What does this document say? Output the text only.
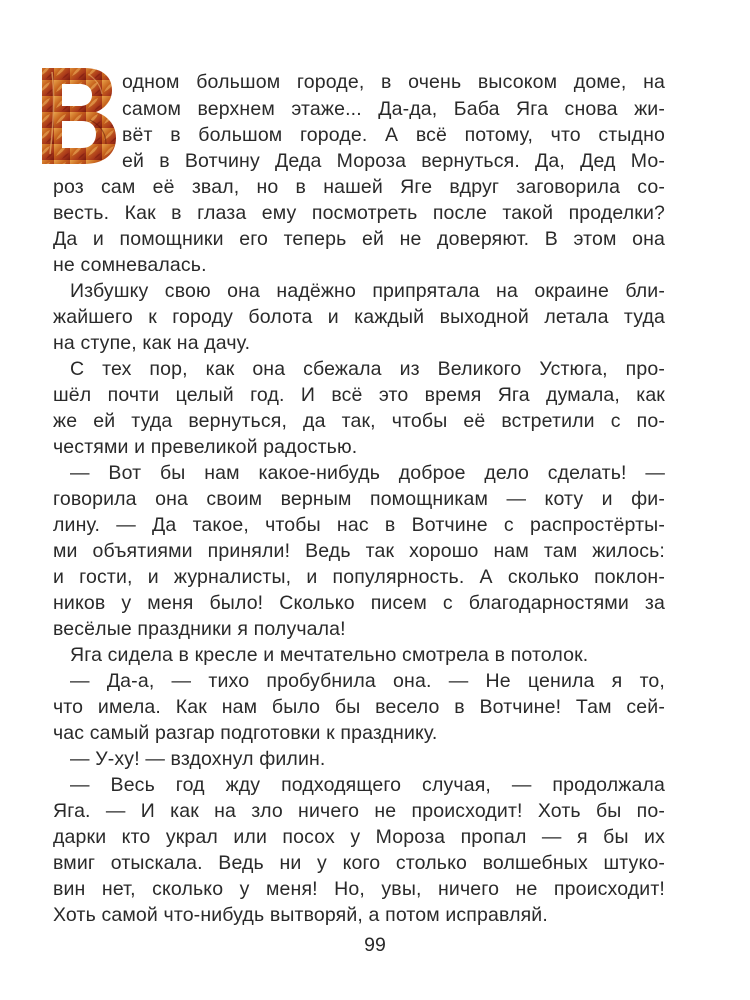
одном большом городе, в очень высоком доме, на
самом верхнем этаже... Да-да, Баба Яга снова жи-
вёт в большом городе. А всё потому, что стыдно
ей в Вотчину Деда Мороза вернуться. Да, Дед Мо-
роз сам её звал, но в нашей Яге вдруг заговорила со-
весть. Как в глаза ему посмотреть после такой проделки?
Да и помощники его теперь ей не доверяют. В этом она
не сомневалась.
Избушку свою она надёжно припрятала на окраине бли-
жайшего к городу болота и каждый выходной летала туда
на ступе, как на дачу.
С тех пор, как она сбежала из Великого Устюга, про-
шёл почти целый год. И всё это время Яга думала, как
же ей туда вернуться, да так, чтобы её встретили с по-
честями и превеликой радостью.
— Вот бы нам какое-нибудь доброе дело сделать! —
говорила она своим верным помощникам — коту и фи-
лину. — Да такое, чтобы нас в Вотчине с распростёрты-
ми объятиями приняли! Ведь так хорошо нам там жилось:
и гости, и журналисты, и популярность. А сколько поклон-
ников у меня было! Сколько писем с благодарностями за
весёлые праздники я получала!
Яга сидела в кресле и мечтательно смотрела в потолок.
— Да-а, — тихо пробубнила она. — Не ценила я то,
что имела. Как нам было бы весело в Вотчине! Там сей-
час самый разгар подготовки к празднику.
— У-ху! — вздохнул филин.
— Весь год жду подходящего случая, — продолжала
Яга. — И как на зло ничего не происходит! Хоть бы по-
дарки кто украл или посох у Мороза пропал — я бы их
вмиг отыскала. Ведь ни у кого столько волшебных штуко-
вин нет, сколько у меня! Но, увы, ничего не происходит!
Хоть самой что-нибудь вытворяй, а потом исправляй.
99
